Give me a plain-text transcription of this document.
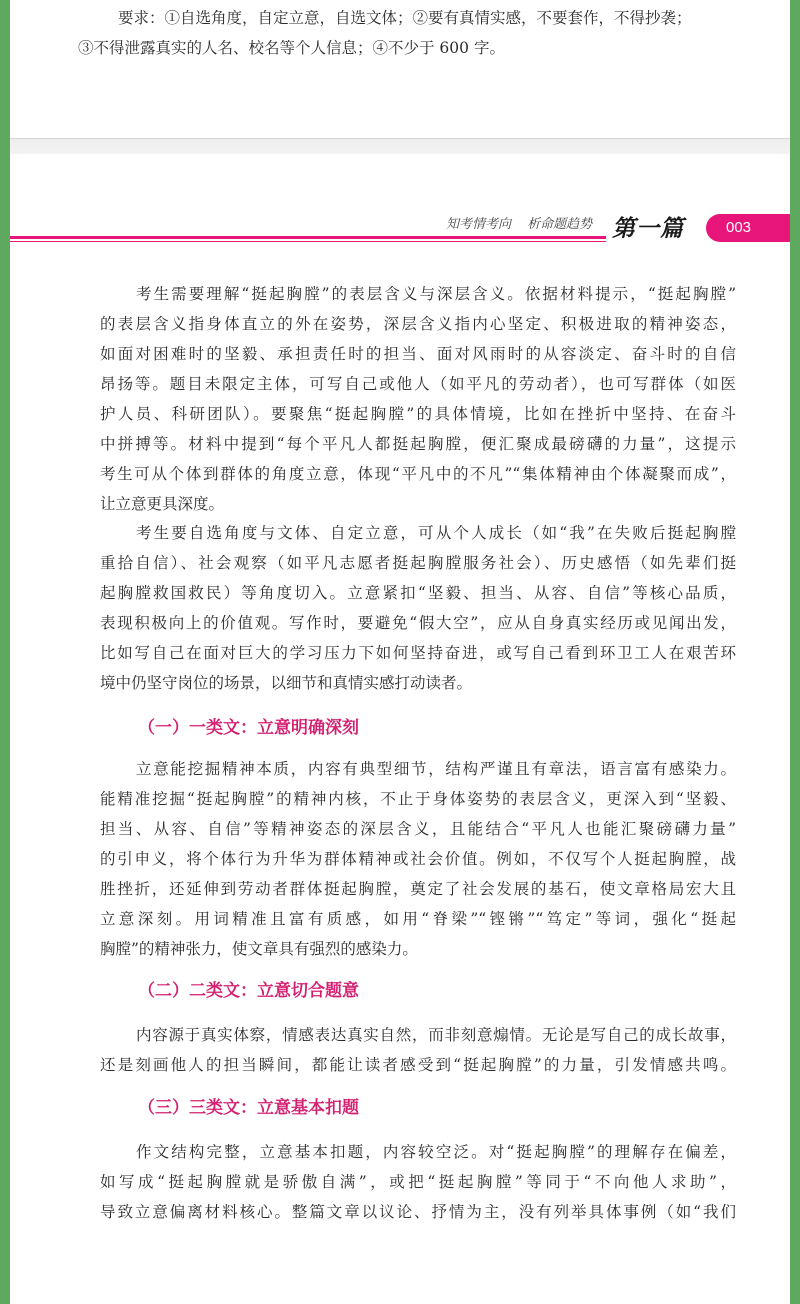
要求：①自选角度，自定立意，自选文体；②要有真情实感，不要套作，不得抄袭；
③不得泄露真实的人名、校名等个人信息；④不少于 600 字。
知考情考向 析命题趋势 第一篇	003
考生需要理解“挺起胸膛”的表层含义与深层含义。依据材料提示，“挺起胸膛”
的表层含义指身体直立的外在姿势，深层含义指内心坚定、积极进取的精神姿态，
如面对困难时的坚毅、承担责任时的担当、面对风雨时的从容淡定、奋斗时的自信
昂扬等。题目未限定主体，可写自己或他人（如平凡的劳动者），也可写群体（如医
护人员、科研团队）。要聚焦“挺起胸膛”的具体情境，比如在挫折中坚持、在奋斗
中拼搏等。材料中提到“每个平凡人都挺起胸膛，便汇聚成最磅礴的力量”，这提示
考生可从个体到群体的角度立意，体现“平凡中的不凡”“集体精神由个体凝聚而成”，
让立意更具深度。
考生要自选角度与文体、自定立意，可从个人成长（如“我”在失败后挺起胸膛
重拾自信）、社会观察（如平凡志愿者挺起胸膛服务社会）、历史感悟（如先辈们挺
起胸膛救国救民）等角度切入。立意紧扣“坚毅、担当、从容、自信”等核心品质，
表现积极向上的价值观。写作时，要避免“假大空”，应从自身真实经历或见闻出发，
比如写自己在面对巨大的学习压力下如何坚持奋进，或写自己看到环卫工人在艰苦环
境中仍坚守岗位的场景，以细节和真情实感打动读者。
（一）一类文：立意明确深刻
立意能挖掘精神本质，内容有典型细节，结构严谨且有章法，语言富有感染力。
能精准挖掘“挺起胸膛”的精神内核，不止于身体姿势的表层含义，更深入到“坚毅、
担当、从容、自信”等精神姿态的深层含义，且能结合“平凡人也能汇聚磅礴力量”
的引申义，将个体行为升华为群体精神或社会价值。例如，不仅写个人挺起胸膛，战
胜挫折，还延伸到劳动者群体挺起胸膛，奠定了社会发展的基石，使文章格局宏大且
立意深刻。用词精准且富有质感，如用“脊梁”“铿锵”“笃定”等词，强化“挺起
胸膛”的精神张力，使文章具有强烈的感染力。
（二）二类文：立意切合题意
内容源于真实体察，情感表达真实自然，而非刻意煽情。无论是写自己的成长故事，
还是刻画他人的担当瞬间，都能让读者感受到“挺起胸膛”的力量，引发情感共鸣。
（三）三类文：立意基本扣题
作文结构完整，立意基本扣题，内容较空泛。对“挺起胸膛”的理解存在偏差，
如写成“挺起胸膛就是骄傲自满”，或把“挺起胸膛”等同于“不向他人求助”，
导致立意偏离材料核心。整篇文章以议论、抒情为主，没有列举具体事例（如“我们
